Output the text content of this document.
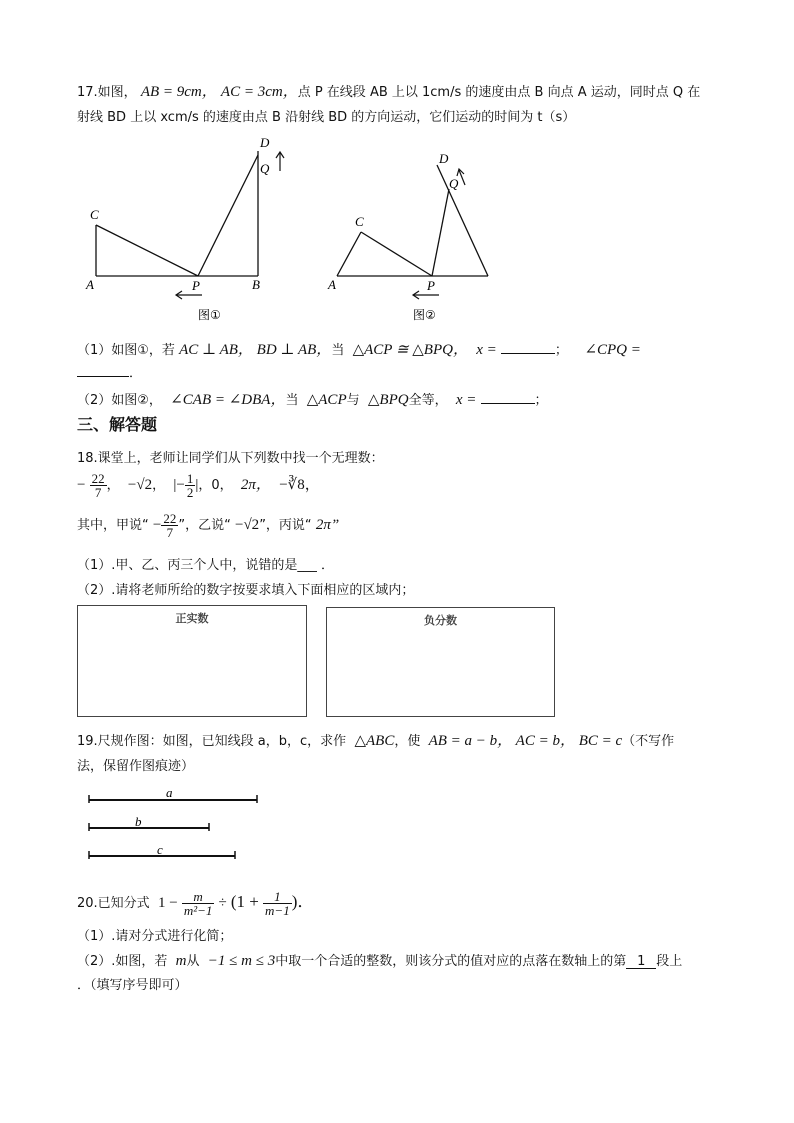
17.如图， AB = 9cm， AC = 3cm，点 P 在线段 AB 上以 1cm/s 的速度由点 B 向点 A 运动，同时点 Q 在
射线 BD 上以 xcm/s 的速度由点 B 沿射线 BD 的方向运动，它们运动的时间为 t（s）
C
A	P	B
D
Q
图①
C
A	P
D
Q
图②
（1）如图①，若 AC ⊥ AB， BD ⊥ AB，当 △ACP ≅ △BPQ， x =	； ∠CPQ =
．
（2）如图②， ∠CAB = ∠DBA，当 △ACP与 △BPQ全等， x =	；
三、解答题
18.课堂上，老师让同学们从下列数中找一个无理数：
− $\frac{22}{7}$ ， −√2， |− $\frac{1}{2}$ |，0， 2π， −∛8，
其中，甲说“ − $\frac{22}{7}$ ”，乙说“ −√2”，丙说“ 2π”
（1）.甲、乙、丙三个人中，说错的是___ ．
（2）.请将老师所给的数字按要求填入下面相应的区域内；
正实数	负分数
19.尺规作图：如图，已知线段 a，b，c，求作 △ABC，使 AB = a − b， AC = b， BC = c（不写作
法，保留作图痕迹）
a
b
c
20.已知分式 $1 - \frac{m}{\text{m²−1}} \div (1 + \frac{1}{m-1}$ )．
（1）.请对分式进行化简；
（2）.如图，若 m从 −1 ≤ m ≤ 3中取一个合适的整数，则该分式的值对应的点落在数轴上的第 1 段上
．（填写序号即可）
